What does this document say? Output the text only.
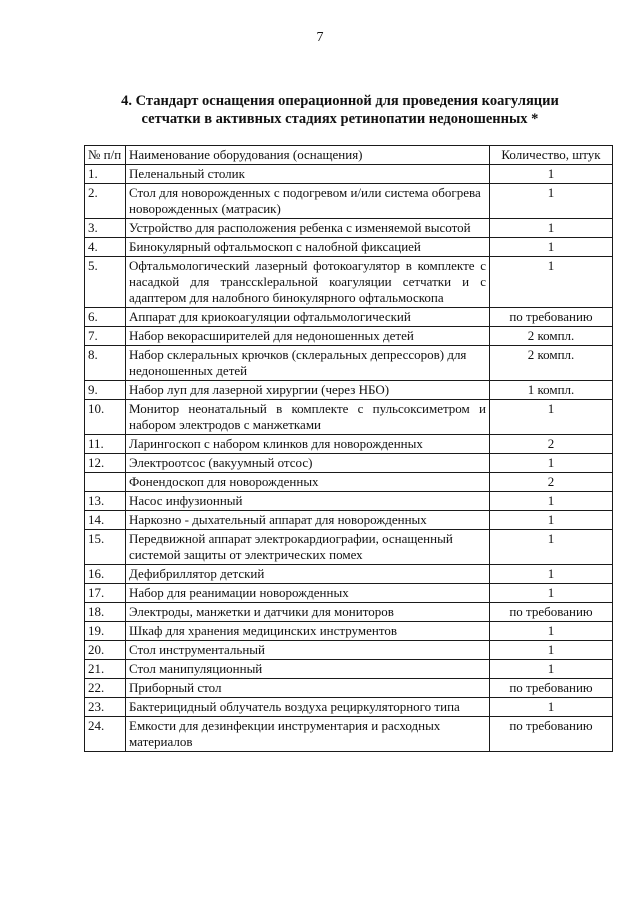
7
4. Стандарт оснащения операционной для проведения коагуляции
сетчатки в активных стадиях ретинопатии недоношенных *
№ п/п	Наименование оборудования (оснащения)	Количество, штук
1.	Пеленальный столик	1
2.	Стол для новорожденных с подогревом и/или система обогрева новорожденных (матрасик)	1
3.	Устройство для расположения ребенка с изменяемой высотой	1
4.	Бинокулярный офтальмоскоп с налобной фиксацией	1
5.	Офтальмологический лазерный фотокоагулятор в комплекте с насадкой для трансскleральной коагуляции сетчатки и с адаптером для налобного бинокулярного офтальмоскопа	1
6.	Аппарат для криокоагуляции офтальмологический	по требованию
7.	Набор векорасширителей для недоношенных детей	2 компл.
8.	Набор склеральных крючков (склеральных депрессоров) для недоношенных детей	2 компл.
9.	Набор луп для лазерной хирургии (через НБО)	1 компл.
10.	Монитор неонатальный в комплекте с пульсоксиметром и набором электродов с манжетками	1
11.	Ларингоскоп с набором клинков для новорожденных	2
12.	Электроотсос (вакуумный отсос)	1
	Фонендоскоп для новорожденных	2
13.	Насос инфузионный	1
14.	Наркозно - дыхательный аппарат для новорожденных	1
15.	Передвижной аппарат электрокардиографии, оснащенный системой защиты от электрических помех	1
16.	Дефибриллятор детский	1
17.	Набор для реанимации новорожденных	1
18.	Электроды, манжетки и датчики для мониторов	по требованию
19.	Шкаф для хранения медицинских инструментов	1
20.	Стол инструментальный	1
21.	Стол манипуляционный	1
22.	Приборный стол	по требованию
23.	Бактерицидный облучатель воздуха рециркуляторного типа	1
24.	Емкости для дезинфекции инструментария и расходных материалов	по требованию
